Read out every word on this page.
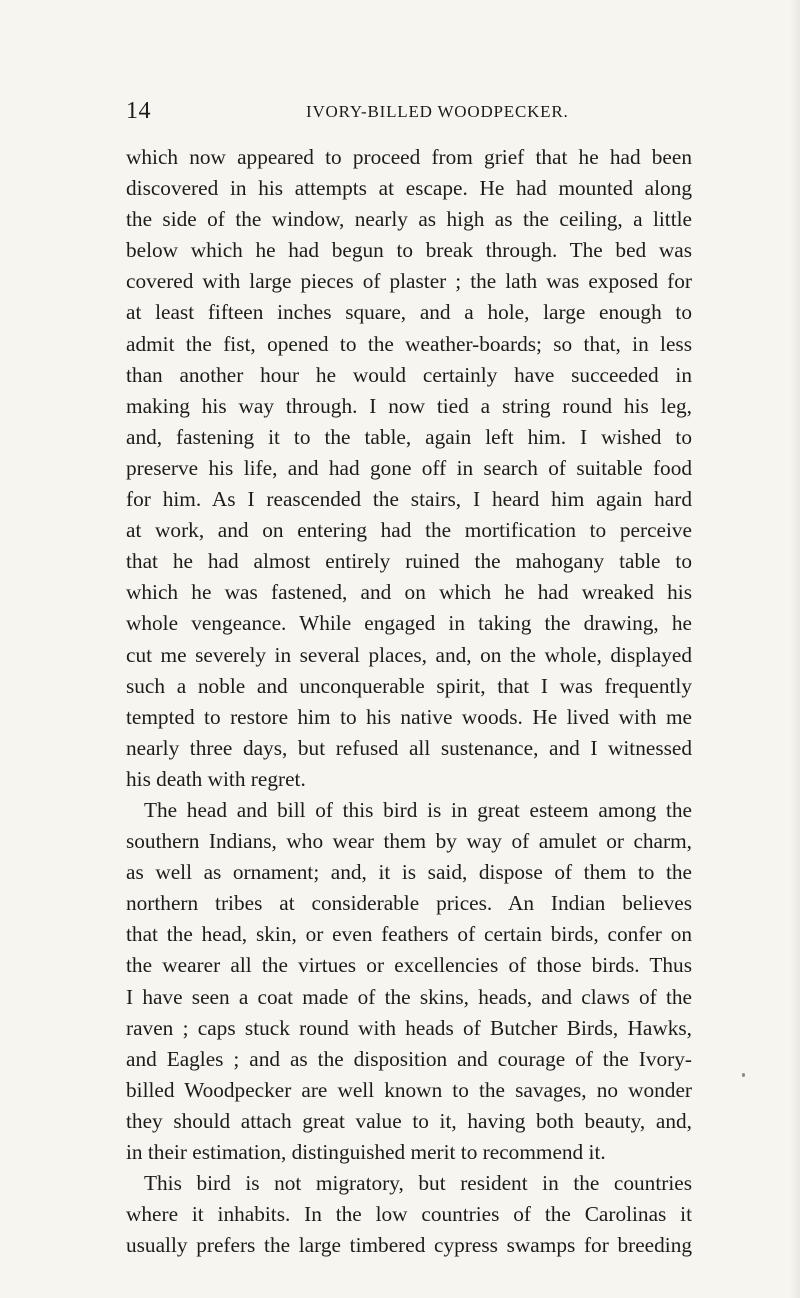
14	IVORY-BILLED WOODPECKER.
which now appeared to proceed from grief that he had been
discovered in his attempts at escape. He had mounted along
the side of the window, nearly as high as the ceiling, a little
below which he had begun to break through. The bed was
covered with large pieces of plaster ; the lath was exposed for
at least fifteen inches square, and a hole, large enough to
admit the fist, opened to the weather-boards; so that, in less
than another hour he would certainly have succeeded in
making his way through. I now tied a string round his leg,
and, fastening it to the table, again left him. I wished to
preserve his life, and had gone off in search of suitable food
for him. As I reascended the stairs, I heard him again hard
at work, and on entering had the mortification to perceive
that he had almost entirely ruined the mahogany table to
which he was fastened, and on which he had wreaked his
whole vengeance. While engaged in taking the drawing, he
cut me severely in several places, and, on the whole, displayed
such a noble and unconquerable spirit, that I was frequently
tempted to restore him to his native woods. He lived with me
nearly three days, but refused all sustenance, and I witnessed
his death with regret.
The head and bill of this bird is in great esteem among the
southern Indians, who wear them by way of amulet or charm,
as well as ornament; and, it is said, dispose of them to the
northern tribes at considerable prices. An Indian believes
that the head, skin, or even feathers of certain birds, confer on
the wearer all the virtues or excellencies of those birds. Thus
I have seen a coat made of the skins, heads, and claws of the
raven ; caps stuck round with heads of Butcher Birds, Hawks,
and Eagles ; and as the disposition and courage of the Ivory-
billed Woodpecker are well known to the savages, no wonder
they should attach great value to it, having both beauty, and,
in their estimation, distinguished merit to recommend it.
This bird is not migratory, but resident in the countries
where it inhabits. In the low countries of the Carolinas it
usually prefers the large timbered cypress swamps for breeding
